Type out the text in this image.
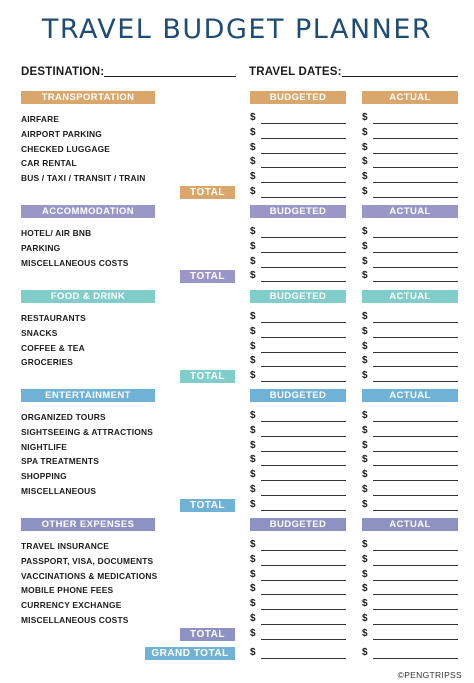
TRAVEL BUDGET PLANNER
DESTINATION:	TRAVEL DATES:
TRANSPORTATION	BUDGETED	ACTUAL
AIRFARE	$	$
AIRPORT PARKING	$	$
CHECKED LUGGAGE	$	$
CAR RENTAL	$	$
BUS / TAXI / TRANSIT / TRAIN	$	$
TOTAL	$	$
ACCOMMODATION	BUDGETED	ACTUAL
HOTEL/ AIR BNB	$	$
PARKING	$	$
MISCELLANEOUS COSTS	$	$
TOTAL	$	$
FOOD & DRINK	BUDGETED	ACTUAL
RESTAURANTS	$	$
SNACKS	$	$
COFFEE & TEA	$	$
GROCERIES	$	$
TOTAL	$	$
ENTERTAINMENT	BUDGETED	ACTUAL
ORGANIZED TOURS	$	$
SIGHTSEEING & ATTRACTIONS	$	$
NIGHTLIFE	$	$
SPA TREATMENTS	$	$
SHOPPING	$	$
MISCELLANEOUS	$	$
TOTAL	$	$
OTHER EXPENSES	BUDGETED	ACTUAL
TRAVEL INSURANCE	$	$
PASSPORT, VISA, DOCUMENTS	$	$
VACCINATIONS & MEDICATIONS	$	$
MOBILE PHONE FEES	$	$
CURRENCY EXCHANGE	$	$
MISCELLANEOUS COSTS	$	$
TOTAL	$	$
GRAND TOTAL	$	$
©PENGTRIPSS
